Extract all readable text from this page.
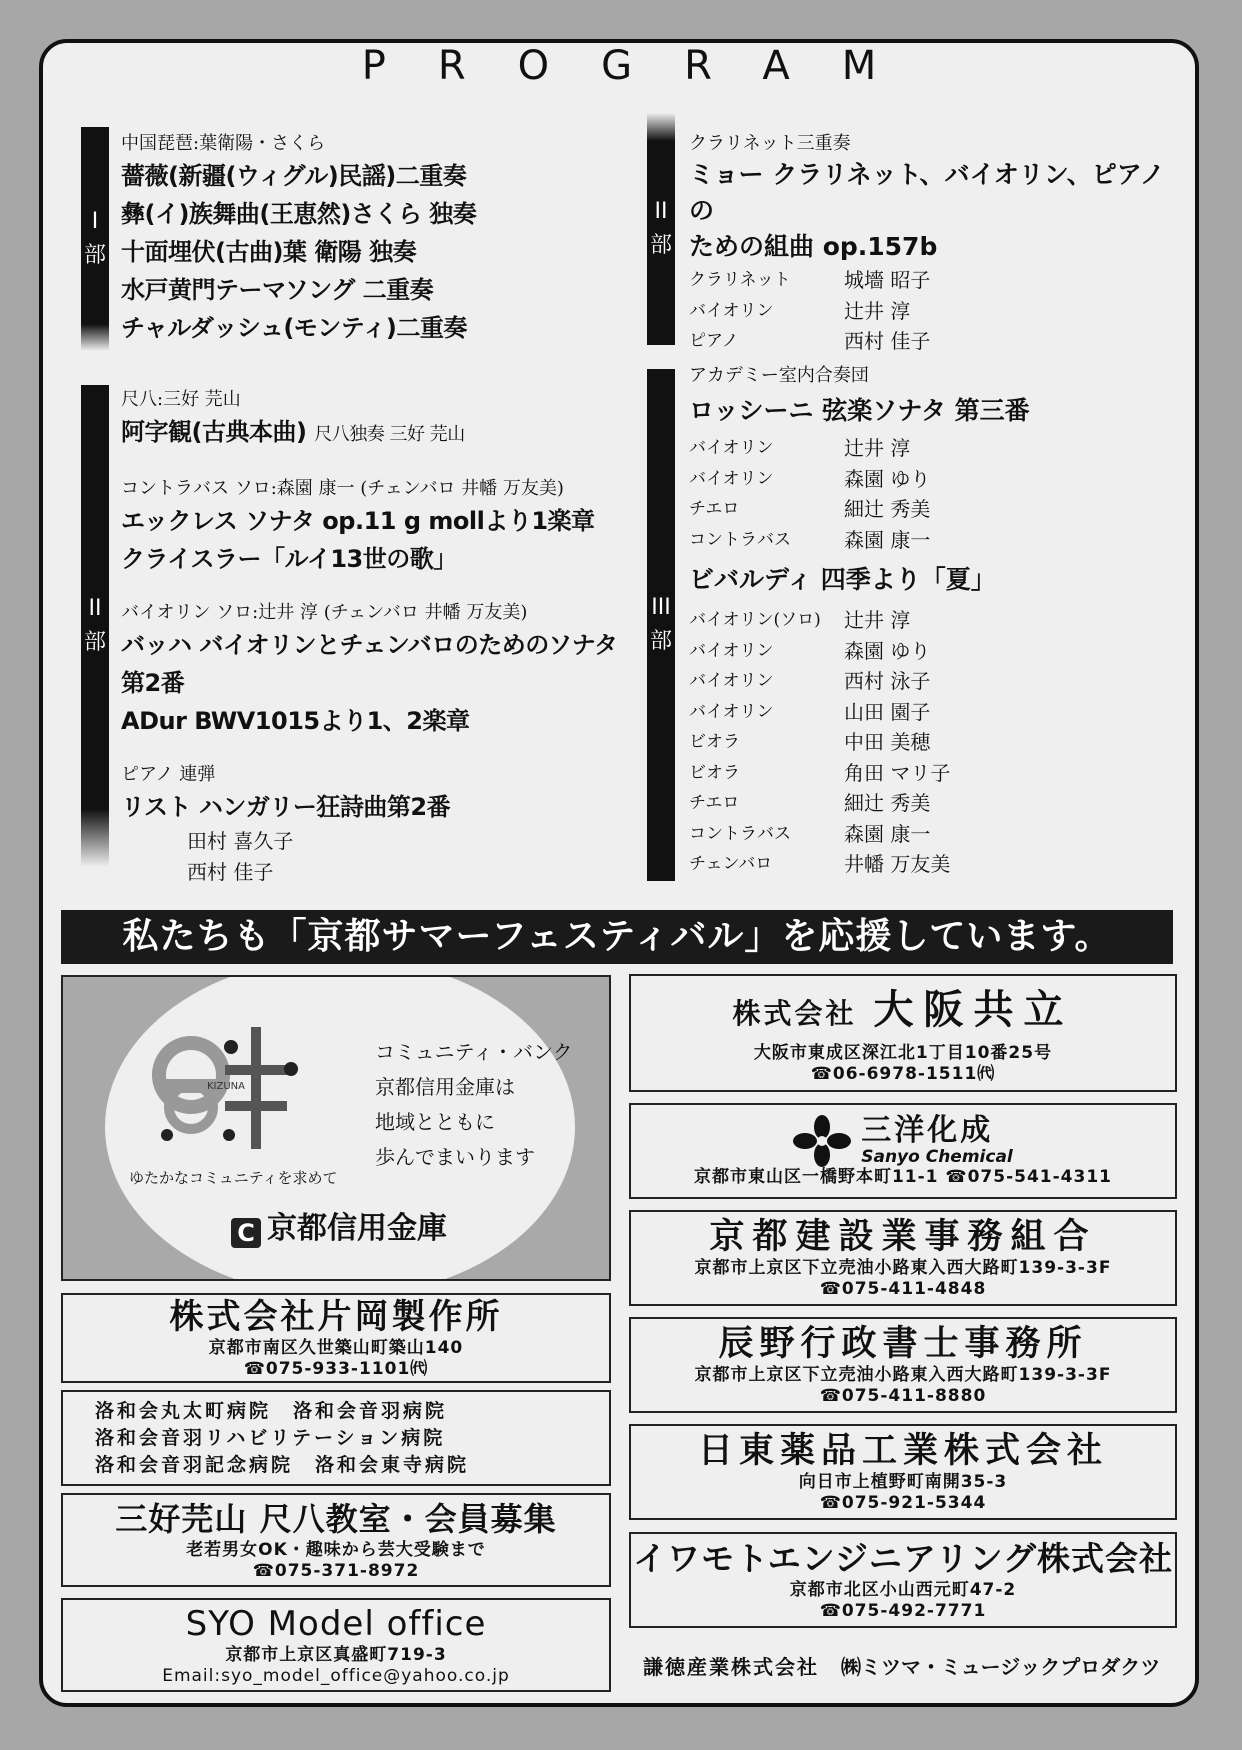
PROGRAM
I
部
中国琵琶:葉衛陽・さくら
薔薇(新疆(ウィグル)民謡)二重奏
彝(イ)族舞曲(王恵然)さくら 独奏
十面埋伏(古曲)葉 衛陽 独奏
水戸黄門テーマソング 二重奏
チャルダッシュ(モンティ)二重奏
II
部
尺八:三好 芫山
阿字観(古典本曲) 尺八独奏 三好 芫山
コントラバス ソロ:森園 康一 (チェンバロ 井幡 万友美)
エックレス ソナタ op.11 g mollより1楽章
クライスラー「ルイ13世の歌」
バイオリン ソロ:辻井 淳 (チェンバロ 井幡 万友美)
バッハ バイオリンとチェンバロのためのソナタ第2番
ADur BWV1015より1、2楽章
ピアノ 連弾
リスト ハンガリー狂詩曲第2番
田村 喜久子
西村 佳子
II
部
クラリネット三重奏
ミョー クラリネット、バイオリン、ピアノの
ための組曲 op.157b
クラリネット	城墻 昭子
バイオリン	辻井 淳
ピアノ	西村 佳子
III
部
アカデミー室内合奏団
ロッシーニ 弦楽ソナタ 第三番
バイオリン	辻井 淳
バイオリン	森園 ゆり
チエロ	細辻 秀美
コントラバス	森園 康一
ビバルディ 四季より「夏」
バイオリン(ソロ)	辻井 淳
バイオリン	森園 ゆり
バイオリン	西村 泳子
バイオリン	山田 園子
ビオラ	中田 美穂
ビオラ	角田 マリ子
チエロ	細辻 秀美
コントラバス	森園 康一
チェンバロ	井幡 万友美
私たちも「京都サマーフェスティバル」を応援しています。
KIZUNA
コミュニティ・バンク
京都信用金庫は
地域とともに
歩んでまいります
ゆたかなコミュニティを求めて
C 京都信用金庫
株式会社片岡製作所
京都市南区久世築山町築山140
☎075-933-1101㈹
洛和会丸太町病院　洛和会音羽病院
洛和会音羽リハビリテーション病院
洛和会音羽記念病院　洛和会東寺病院
三好芫山 尺八教室・会員募集
老若男女OK・趣味から芸大受験まで
☎075-371-8972
SYO Model office
京都市上京区真盛町719-3
Email:syo_model_office@yahoo.co.jp
株式会社 大阪共立
大阪市東成区深江北1丁目10番25号
☎06-6978-1511㈹
三洋化成
Sanyo Chemical
京都市東山区一橋野本町11-1 ☎075-541-4311
京都建設業事務組合
京都市上京区下立売油小路東入西大路町139-3-3F
☎075-411-4848
辰野行政書士事務所
京都市上京区下立売油小路東入西大路町139-3-3F
☎075-411-8880
日東薬品工業株式会社
向日市上植野町南開35-3
☎075-921-5344
イワモトエンジニアリング株式会社
京都市北区小山西元町47-2
☎075-492-7771
謙徳産業株式会社 ㈱ミツマ・ミュージックプロダクツ
